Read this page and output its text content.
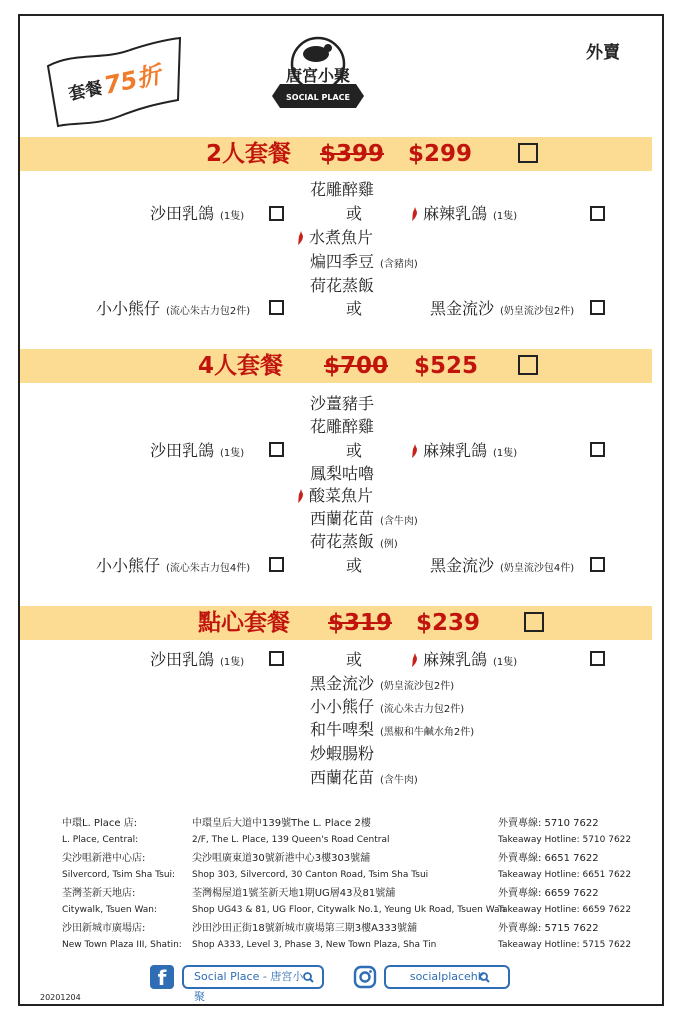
套餐
75折	唐宮小聚
SOCIAL PLACE
外賣
2人套餐 $399 $299
沙田乳鴿 (1隻)
花雕醉雞
或	麻辣乳鴿 (1隻)
水煮魚片
煸四季豆 (含豬肉)
荷花蒸飯
小小熊仔 (流心朱古力包2件)	或	黑金流沙 (奶皇流沙包2件)
4人套餐 $700 $525
沙薑豬手
花雕醉雞
沙田乳鴿 (1隻)	或	麻辣乳鴿 (1隻)
鳳梨咕嚕
酸菜魚片
西蘭花苗 (含牛肉)
荷花蒸飯 (例)
小小熊仔 (流心朱古力包4件)	或	黑金流沙 (奶皇流沙包4件)
點心套餐 $319 $239
沙田乳鴿 (1隻)	或	麻辣乳鴿 (1隻)
黑金流沙 (奶皇流沙包2件)
小小熊仔 (流心朱古力包2件)
和牛啤梨 (黑椒和牛鹹水角2件)
炒蝦腸粉
西蘭花苗 (含牛肉)
中環L. Place 店:
L. Place, Central:
中環皇后大道中139號The L. Place 2樓
2/F, The L. Place, 139 Queen's Road Central
外賣專線: 5710 7622
Takeaway Hotline: 5710 7622
尖沙咀新港中心店:
Silvercord, Tsim Sha Tsui:
尖沙咀廣東道30號新港中心3樓303號舖
Shop 303, Silvercord, 30 Canton Road, Tsim Sha Tsui
外賣專線: 6651 7622
Takeaway Hotline: 6651 7622
荃灣荃新天地店:
Citywalk, Tsuen Wan:
荃灣楊屋道1號荃新天地1期UG層43及81號舖
Shop UG43 & 81, UG Floor, Citywalk No.1, Yeung Uk Road, Tsuen Wan
外賣專線: 6659 7622
Takeaway Hotline: 6659 7622
沙田新城市廣場店:
New Town Plaza III, Shatin:
沙田沙田正街18號新城市廣場第三期3樓A333號舖
Shop A333, Level 3, Phase 3, New Town Plaza, Sha Tin
外賣專線: 5715 7622
Takeaway Hotline: 5715 7622
f	Social Place - 唐宮小聚
socialplacehk
20201204
